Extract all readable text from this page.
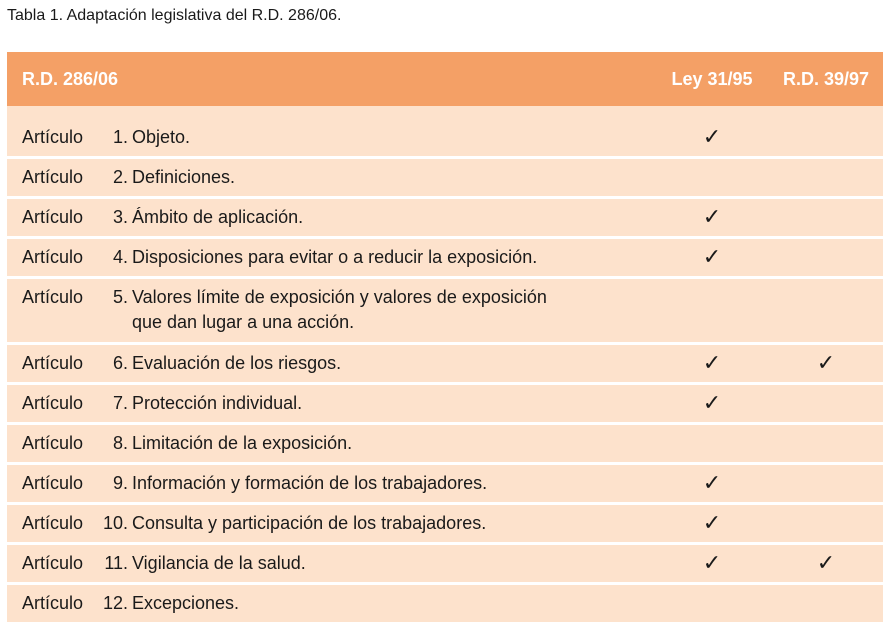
Tabla 1. Adaptación legislativa del R.D. 286/06.
R.D. 286/06	Ley 31/95	R.D. 39/97
Artículo	1. Objeto.	✓
Artículo	2. Definiciones.
Artículo	3. Ámbito de aplicación.	✓
Artículo	4. Disposiciones para evitar o a reducir la exposición.	✓
Artículo	5. Valores límite de exposición y valores de exposición
que dan lugar a una acción.
Artículo	6. Evaluación de los riesgos.	✓	✓
Artículo	7. Protección individual.	✓
Artículo	8. Limitación de la exposición.
Artículo	9. Información y formación de los trabajadores.	✓
Artículo	10. Consulta y participación de los trabajadores.	✓
Artículo	11. Vigilancia de la salud.	✓	✓
Artículo	12. Excepciones.
